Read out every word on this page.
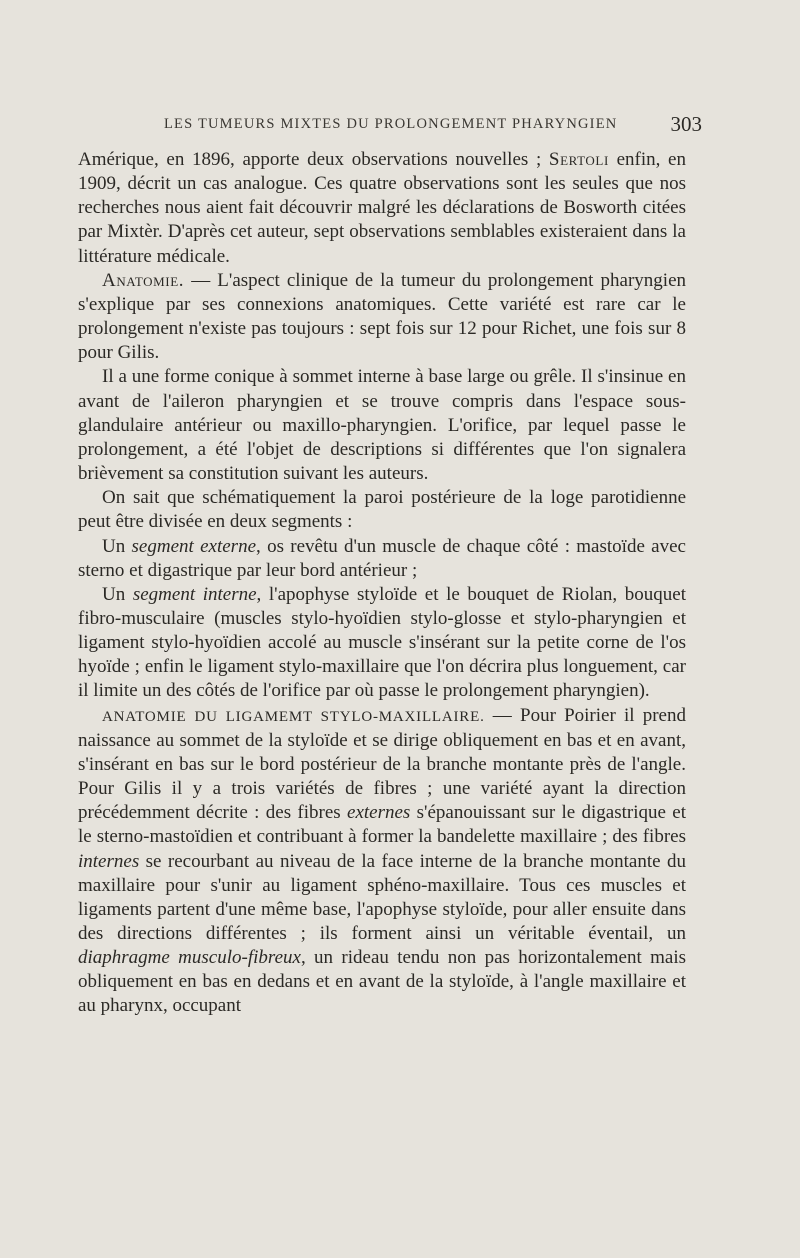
LES TUMEURS MIXTES DU PROLONGEMENT PHARYNGIEN	303

Amérique, en 1896, apporte deux observations nouvelles ; Sertoli enfin, en 1909, décrit un cas analogue. Ces quatre observations sont les seules que nos recherches nous aient fait découvrir malgré les déclarations de Bosworth citées par Mixtèr. D'après cet auteur, sept observations semblables existeraient dans la littérature médicale.

Anatomie. — L'aspect clinique de la tumeur du prolongement pharyngien s'explique par ses connexions anatomiques. Cette variété est rare car le prolongement n'existe pas toujours : sept fois sur 12 pour Richet, une fois sur 8 pour Gilis.

Il a une forme conique à sommet interne à base large ou grêle. Il s'insinue en avant de l'aileron pharyngien et se trouve compris dans l'espace sous-glandulaire antérieur ou maxillo-pharyngien. L'orifice, par lequel passe le prolongement, a été l'objet de descriptions si différentes que l'on signalera brièvement sa constitution suivant les auteurs.

On sait que schématiquement la paroi postérieure de la loge parotidienne peut être divisée en deux segments :

Un segment externe, os revêtu d'un muscle de chaque côté : mastoïde avec sterno et digastrique par leur bord antérieur ;

Un segment interne, l'apophyse styloïde et le bouquet de Riolan, bouquet fibro-musculaire (muscles stylo-hyoïdien stylo-glosse et stylo-pharyngien et ligament stylo-hyoïdien accolé au muscle s'insérant sur la petite corne de l'os hyoïde ; enfin le ligament stylo-maxillaire que l'on décrira plus longuement, car il limite un des côtés de l'orifice par où passe le prolongement pharyngien).

ANATOMIE DU LIGAMEMT STYLO-MAXILLAIRE. — Pour Poirier il prend naissance au sommet de la styloïde et se dirige obliquement en bas et en avant, s'insérant en bas sur le bord postérieur de la branche montante près de l'angle. Pour Gilis il y a trois variétés de fibres ; une variété ayant la direction précédemment décrite : des fibres externes s'épanouissant sur le digastrique et le sterno-mastoïdien et contribuant à former la bandelette maxillaire ; des fibres internes se recourbant au niveau de la face interne de la branche montante du maxillaire pour s'unir au ligament sphéno-maxillaire. Tous ces muscles et ligaments partent d'une même base, l'apophyse styloïde, pour aller ensuite dans des directions différentes ; ils forment ainsi un véritable éventail, un diaphragme musculo-fibreux, un rideau tendu non pas horizontalement mais obliquement en bas en dedans et en avant de la styloïde, à l'angle maxillaire et au pharynx, occupant
